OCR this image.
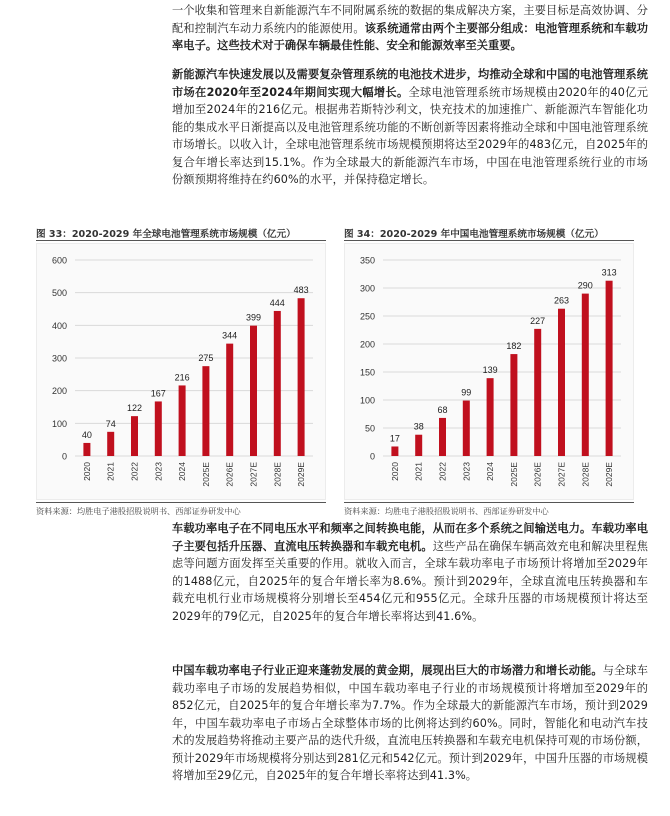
一个收集和管理来自新能源汽车不同附属系统的数据的集成解决方案，主要目标是高效协调、分配和控制汽车动力系统内的能源使用。该系统通常由两个主要部分组成：电池管理系统和车载功率电子。这些技术对于确保车辆最佳性能、安全和能源效率至关重要。

新能源汽车快速发展以及需要复杂管理系统的电池技术进步，均推动全球和中国的电池管理系统市场在2020年至2024年期间实现大幅增长。全球电池管理系统市场规模由2020年的40亿元增加至2024年的216亿元。根据弗若斯特沙利文，快充技术的加速推广、新能源汽车智能化功能的集成水平日渐提高以及电池管理系统功能的不断创新等因素将推动全球和中国电池管理系统市场增长。以收入计，全球电池管理系统市场规模预期将达至2029年的483亿元，自2025年的复合年增长率达到15.1%。作为全球最大的新能源汽车市场，中国在电池管理系统行业的市场份额预期将维持在约60%的水平，并保持稳定增长。

图 33：2020-2029 年全球电池管理系统市场规模（亿元）	图 34：2020-2029 年中国电池管理系统市场规模（亿元）
0
100
200
300
400
500
600
40
2020
74
2021
122
2022
167
2023
216
2024
275
2025E
344
2026E
399
2027E
444
2028E
483
2029E
0
50
100
150
200
250
300
350
17
2020
38
2021
68
2022
99
2023
139
2024
182
2025E
227
2026E
263
2027E
290
2028E
313
2029E
资料来源：均胜电子港股招股说明书、西部证券研发中心	资料来源：均胜电子港股招股说明书、西部证券研发中心

车载功率电子在不同电压水平和频率之间转换电能，从而在多个系统之间输送电力。车载功率电子主要包括升压器、直流电压转换器和车载充电机。这些产品在确保车辆高效充电和解决里程焦虑等问题方面发挥至关重要的作用。就收入而言，全球车载功率电子市场预计将增加至2029年的1488亿元，自2025年的复合年增长率为8.6%。预计到2029年，全球直流电压转换器和车载充电机行业市场规模将分别增长至454亿元和955亿元。全球升压器的市场规模预计将达至2029年的79亿元，自2025年的复合年增长率将达到41.6%。

中国车载功率电子行业正迎来蓬勃发展的黄金期，展现出巨大的市场潜力和增长动能。与全球车载功率电子市场的发展趋势相似，中国车载功率电子行业的市场规模预计将增加至2029年的852亿元，自2025年的复合年增长率为7.7%。作为全球最大的新能源汽车市场，预计到2029年，中国车载功率电子市场占全球整体市场的比例将达到约60%。同时，智能化和电动汽车技术的发展趋势将推动主要产品的迭代升级，直流电压转换器和车载充电机保持可观的市场份额，预计2029年市场规模将分别达到281亿元和542亿元。预计到2029年，中国升压器的市场规模将增加至29亿元，自2025年的复合年增长率将达到41.3%。
